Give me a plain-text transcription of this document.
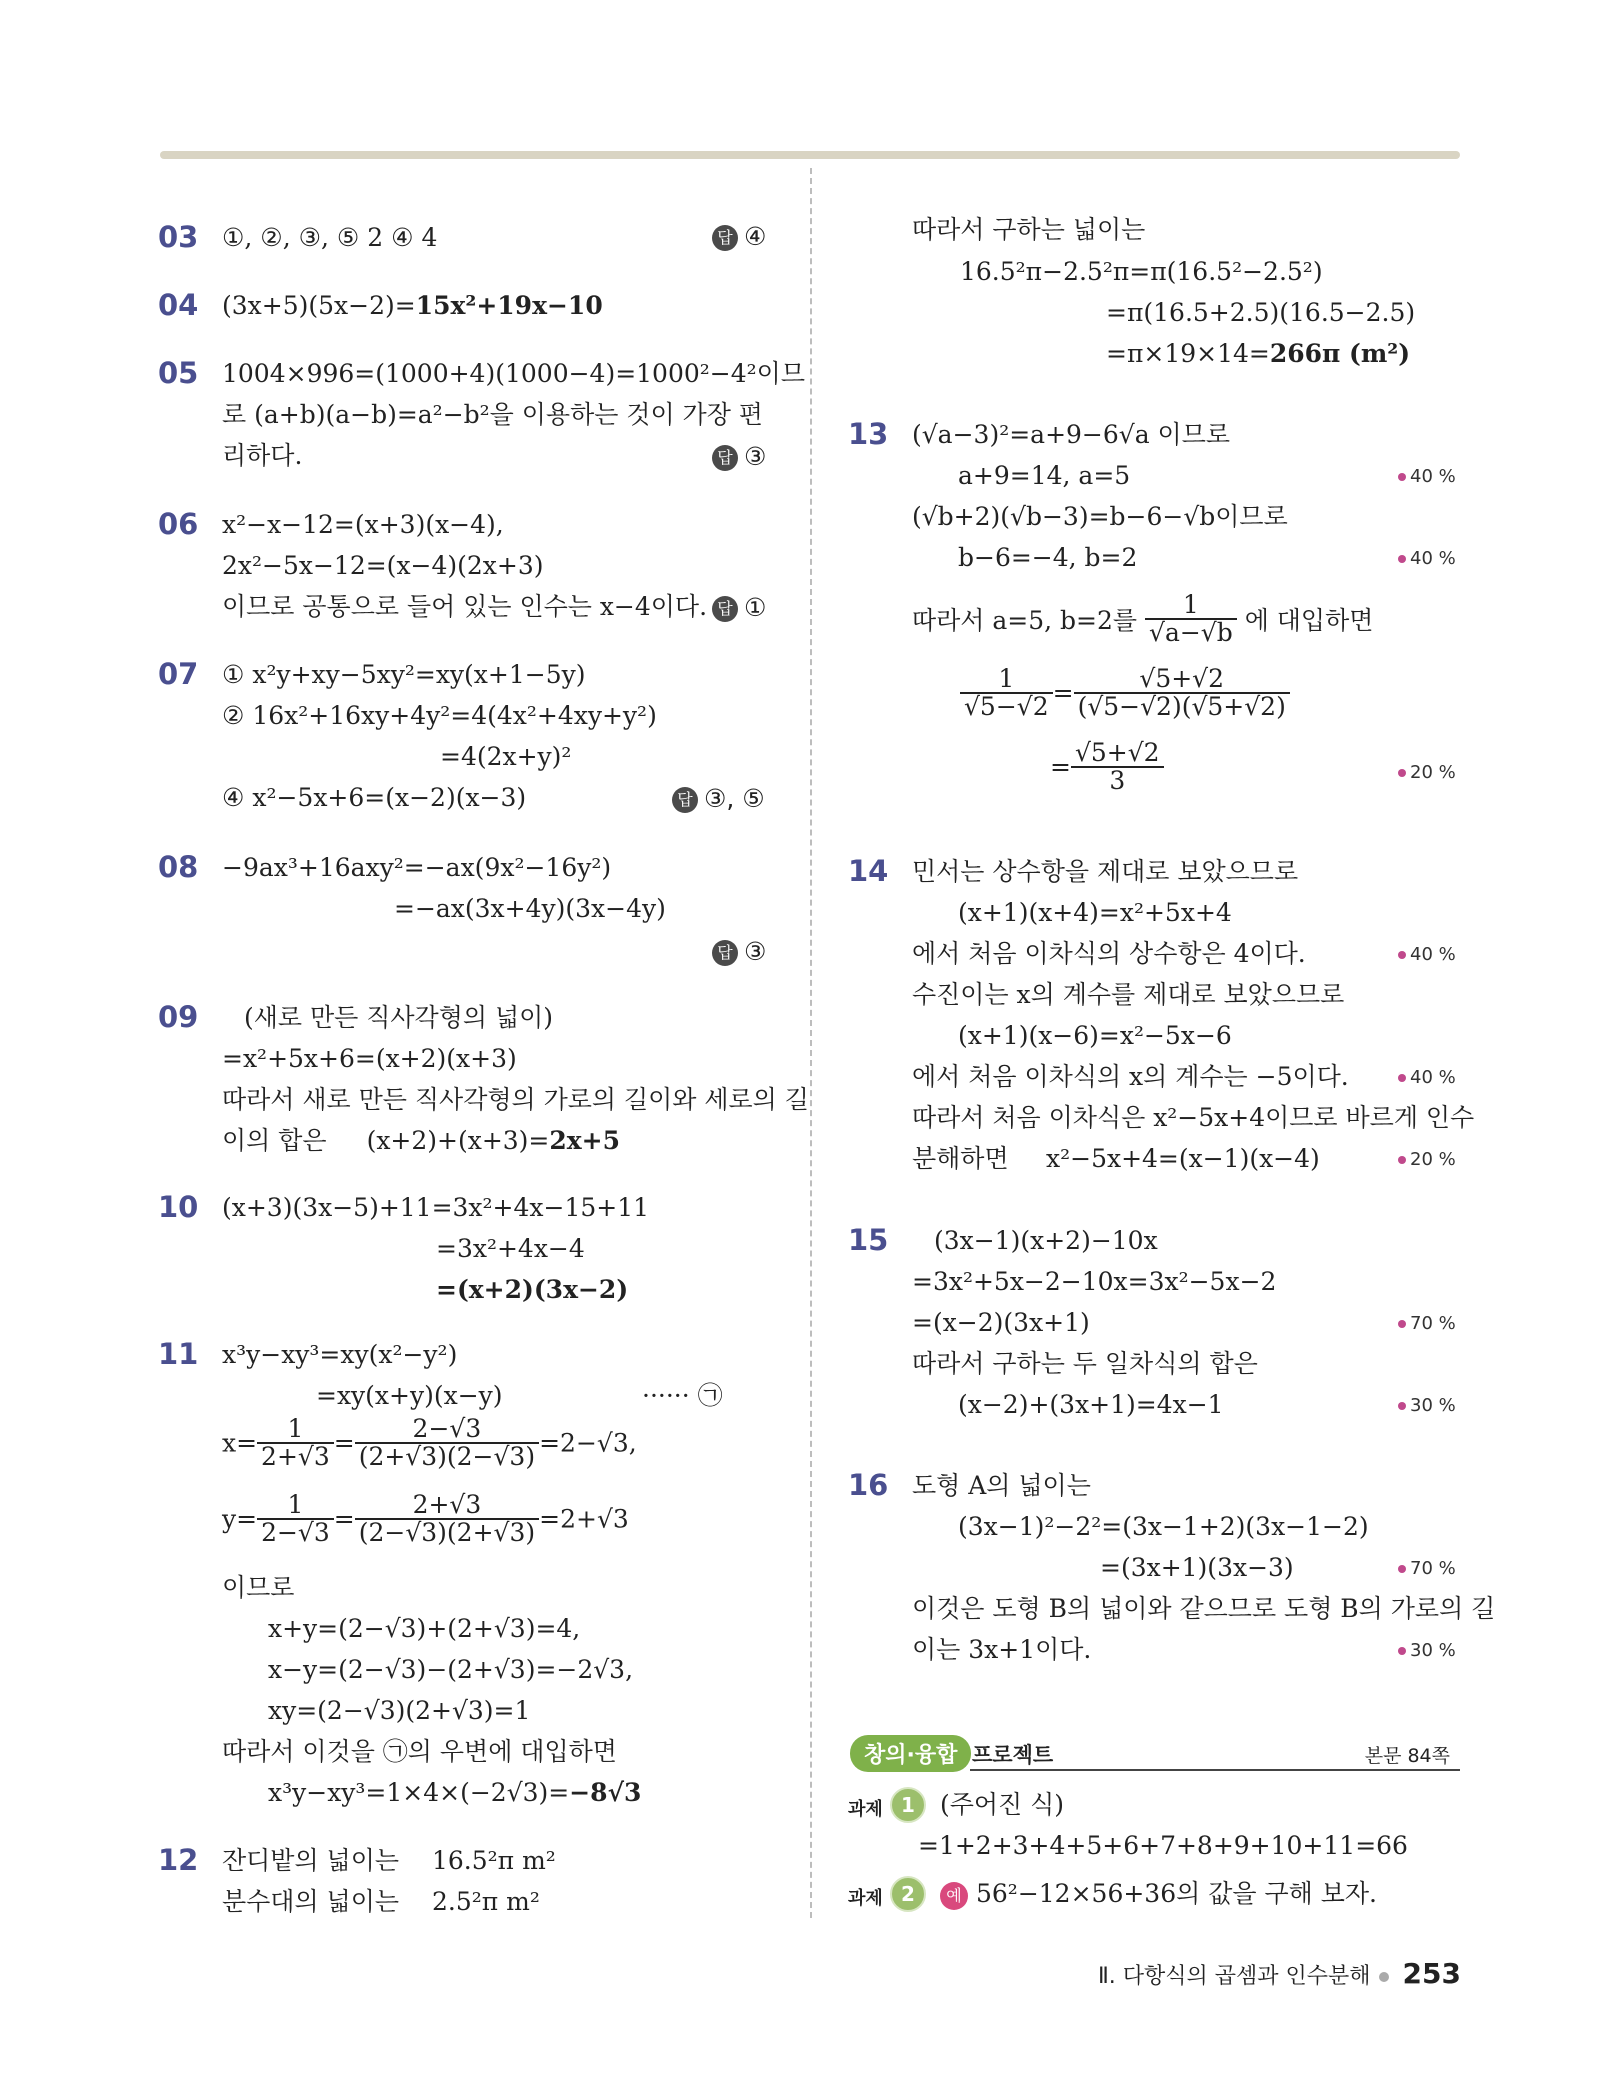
03 ①, ②, ③, ⑤ 2 ④ 4	답 ④
04 (3x+5)(5x−2)=15x²+19x−10
05 1004×996=(1000+4)(1000−4)=1000²−4²이므
로 (a+b)(a−b)=a²−b²을 이용하는 것이 가장 편
리하다.	답 ③
06 x²−x−12=(x+3)(x−4),
2x²−5x−12=(x−4)(2x+3)
이므로 공통으로 들어 있는 인수는 x−4이다. 답 ①
07 ① x²y+xy−5xy²=xy(x+1−5y)
② 16x²+16xy+4y²=4(4x²+4xy+y²)
=4(2x+y)²
④ x²−5x+6=(x−2)(x−3)	답 ③, ⑤
08 −9ax³+16axy²=−ax(9x²−16y²)
=−ax(3x+4y)(3x−4y)
답 ③
09 (새로 만든 직사각형의 넓이)
=x²+5x+6=(x+2)(x+3)
따라서 새로 만든 직사각형의 가로의 길이와 세로의 길
이의 합은 (x+2)+(x+3)=2x+5
10 (x+3)(3x−5)+11=3x²+4x−15+11
=3x²+4x−4
=(x+2)(3x−2)
11 x³y−xy³=xy(x²−y²)
=xy(x+y)(x−y)	······ ㉠
$x= \frac{1}{2+√3} = \frac{2-√3}{(2+√3)(2-√3)} =2-√3$,
$y= \frac{1}{2-√3} = \frac{2+√3}{(2-√3)(2+√3)} =2+√3$
이므로
x+y=(2−√3)+(2+√3)=4,
x−y=(2−√3)−(2+√3)=−2√3,
xy=(2−√3)(2+√3)=1
따라서 이것을 ㉠의 우변에 대입하면
x³y−xy³=1×4×(−2√3)=−8√3
12 잔디밭의 넓이는 16.5²π m²
분수대의 넓이는 2.5²π m²
따라서 구하는 넓이는
16.5²π−2.5²π=π(16.5²−2.5²)
=π(16.5+2.5)(16.5−2.5)
=π×19×14=266π (m²)
13 (√a−3)²=a+9−6√a 이므로
a+9=14, a=5	40 %
(√b+2)(√b−3)=b−6−√b이므로
b−6=−4, b=2	40 %
따라서 a=5, b=2를 $\frac{1}{√a-√b}$ 에 대입하면
$\frac{1}{√5-√2} = \frac{√5+√2}{(√5-√2)(√5+√2)}$
= $\frac{√5+√2}{3}$	20 %
14 민서는 상수항을 제대로 보았으므로
(x+1)(x+4)=x²+5x+4
에서 처음 이차식의 상수항은 4이다.	40 %
수진이는 x의 계수를 제대로 보았으므로
(x+1)(x−6)=x²−5x−6
에서 처음 이차식의 x의 계수는 −5이다.	40 %
따라서 처음 이차식은 x²−5x+4이므로 바르게 인수
분해하면 x²−5x+4=(x−1)(x−4)	20 %
15 (3x−1)(x+2)−10x
=3x²+5x−2−10x=3x²−5x−2
=(x−2)(3x+1)	70 %
따라서 구하는 두 일차식의 합은
(x−2)+(3x+1)=4x−1	30 %
16 도형 A의 넓이는
(3x−1)²−2²=(3x−1+2)(3x−1−2)
=(3x+1)(3x−3)	70 %
이것은 도형 B의 넓이와 같으므로 도형 B의 가로의 길
이는 3x+1이다.	30 %
창의·융합 프로젝트	본문 84쪽
과제 1	(주어진 식)
=1+2+3+4+5+6+7+8+9+10+11=66
과제 2	예 56²−12×56+36의 값을 구해 보자.
Ⅱ. 다항식의 곱셈과 인수분해 253
